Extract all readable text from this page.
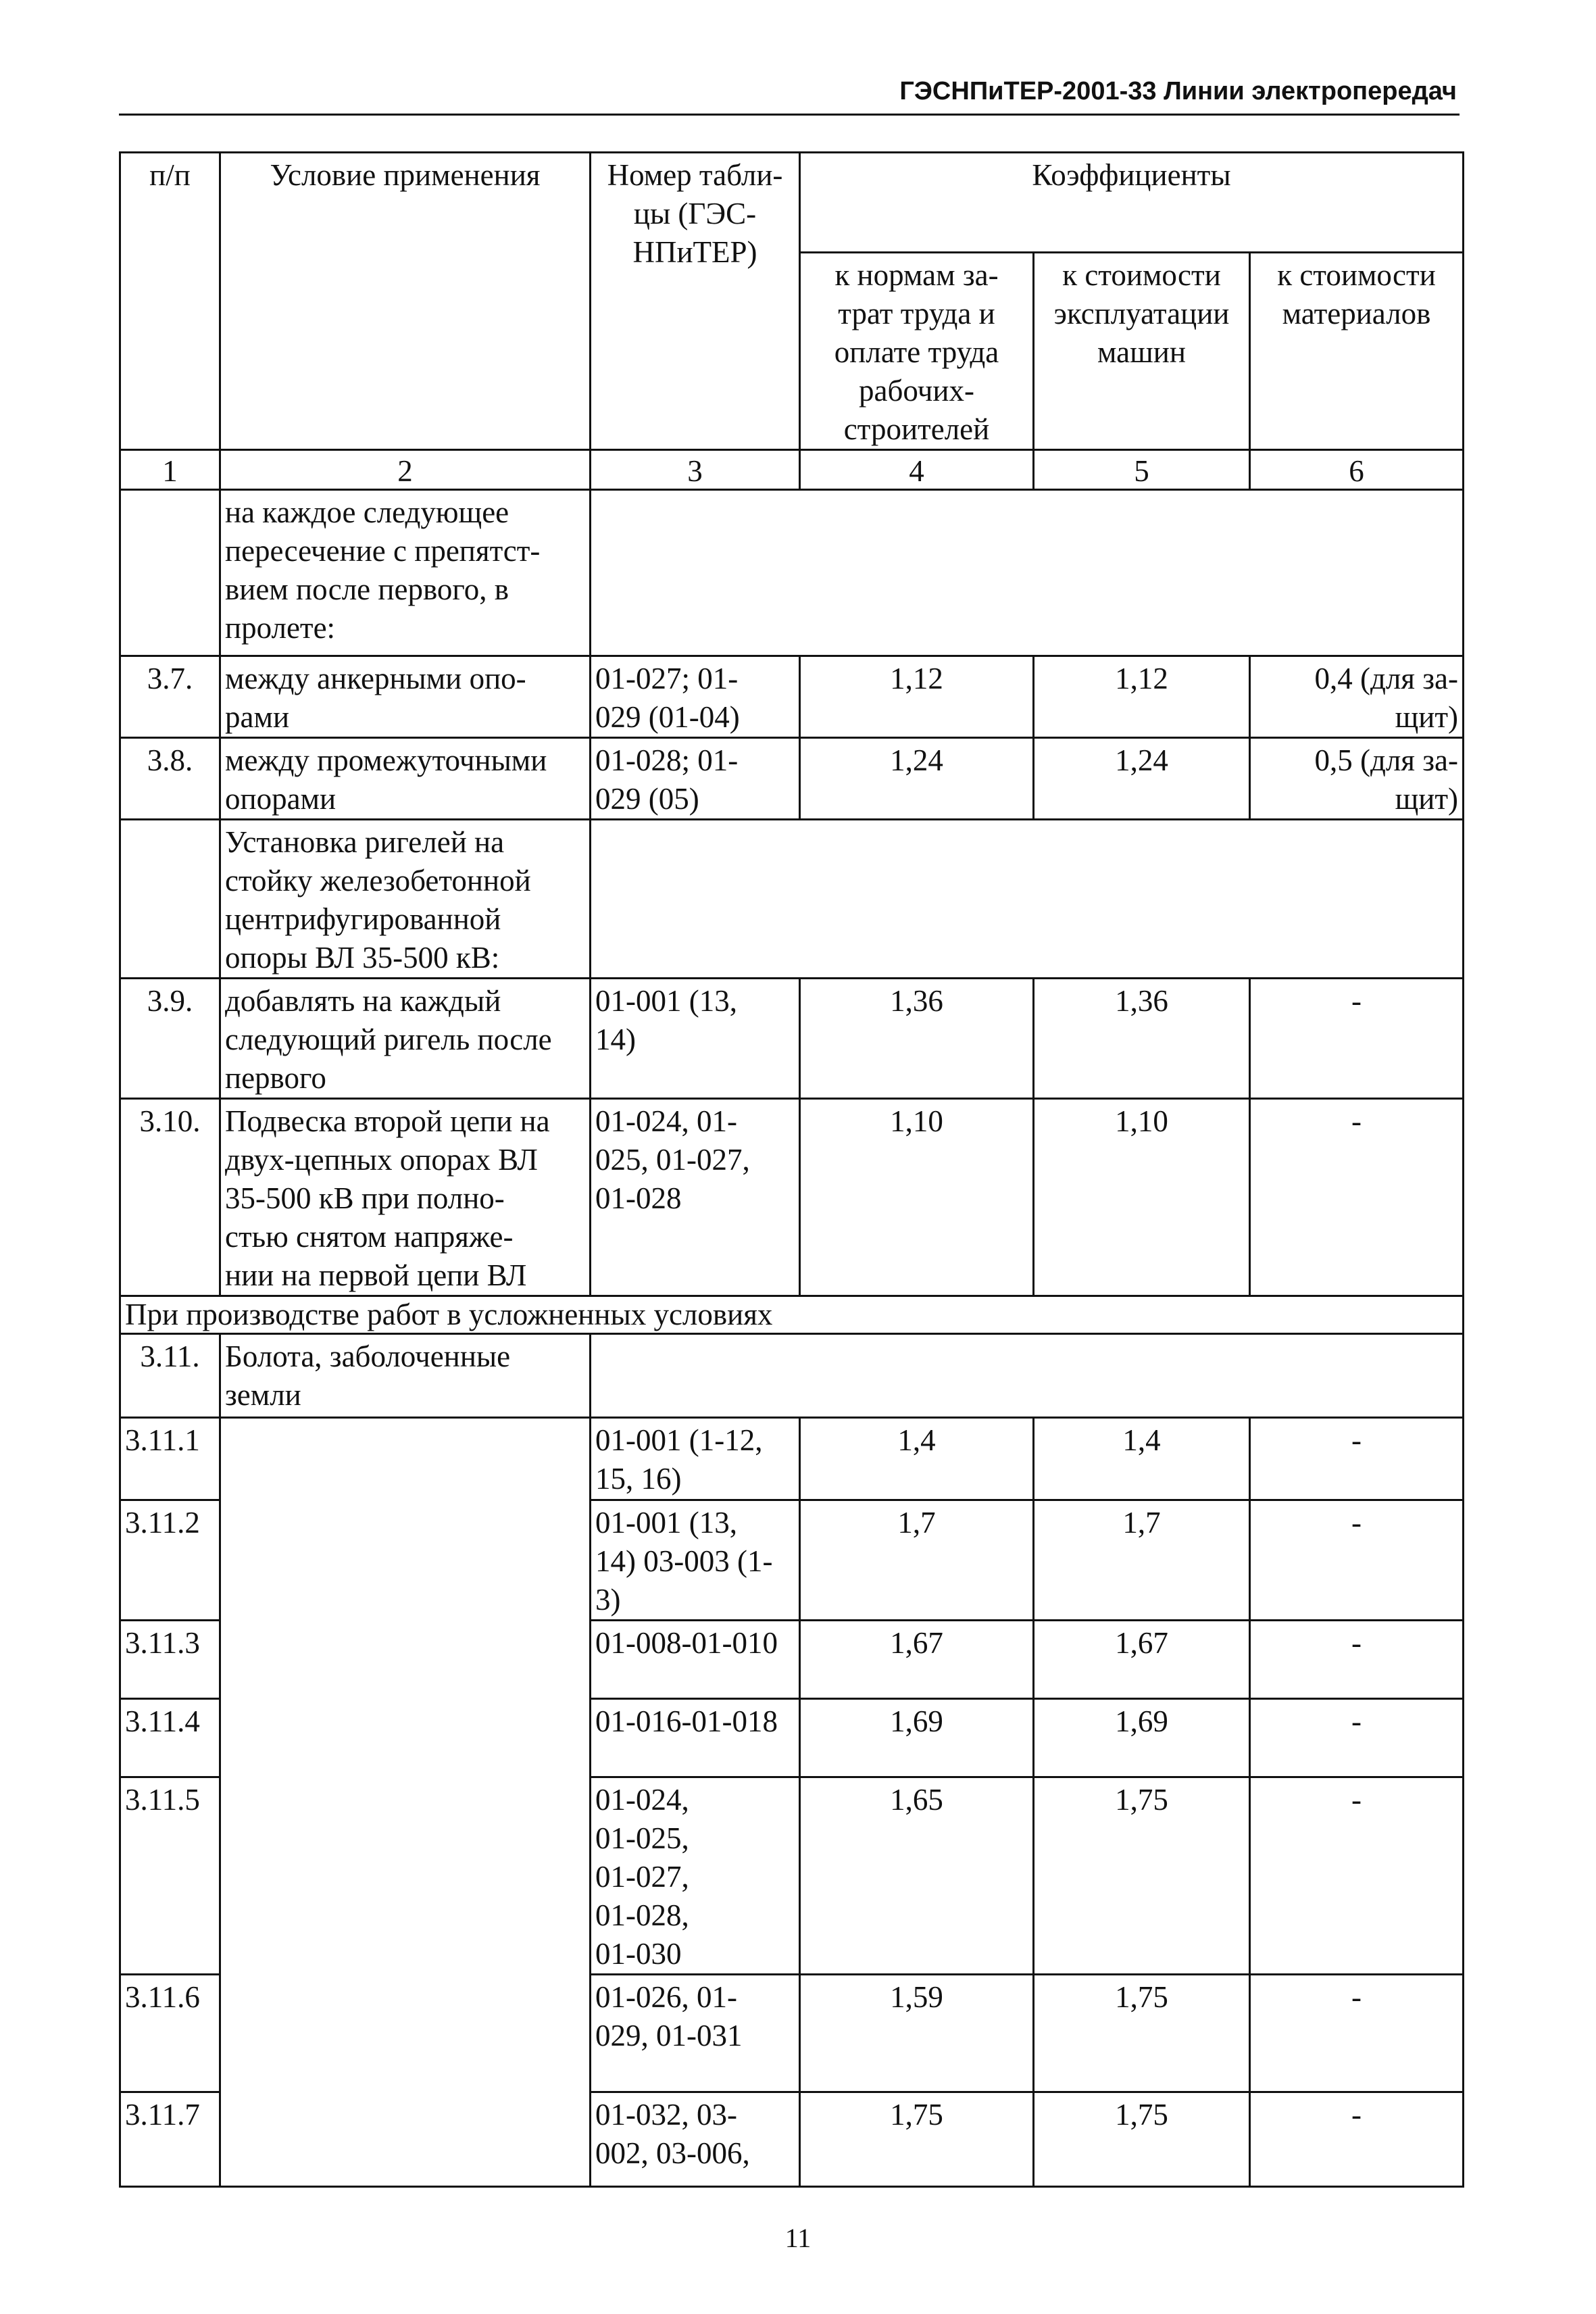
ГЭСНПиТЕР-2001-33 Линии электропередач
п/п	Условие применения	Номер табли-
цы (ГЭС-
НПиТЕР)	Коэффициенты		
			к нормам за-
трат труда и
оплате труда
рабочих-
строителей	к стоимости
эксплуатации
машин	к стоимости
материалов
1	2	3	4	5	6
	на каждое следующее
пересечение с препятст-
вием после первого, в
пролете:				
3.7.	между анкерными опо-
рами	01-027; 01-
029 (01-04)	1,12	1,12	0,4 (для за-
щит)
3.8.	между промежуточными
опорами	01-028; 01-
029 (05)	1,24	1,24	0,5 (для за-
щит)
	Установка ригелей на
стойку железобетонной
центрифугированной
опоры ВЛ 35-500 кВ:				
3.9.	добавлять на каждый
следующий ригель после
первого	01-001 (13,
14)	1,36	1,36	-
3.10.	Подвеска второй цепи на
двух-цепных опорах ВЛ
35-500 кВ при полно-
стью снятом напряже-
нии на первой цепи ВЛ	01-024, 01-
025, 01-027,
01-028	1,10	1,10	-
При производстве работ в усложненных условиях					
3.11.	Болота, заболоченные
земли				
3.11.1		01-001 (1-12,
15, 16)	1,4	1,4	-
3.11.2		01-001 (13,
14) 03-003 (1-
3)	1,7	1,7	-
3.11.3		01-008-01-010	1,67	1,67	-
3.11.4		01-016-01-018	1,69	1,69	-
3.11.5		01-024,
01-025,
01-027,
01-028,
01-030	1,65	1,75	-
3.11.6		01-026, 01-
029, 01-031	1,59	1,75	-
3.11.7		01-032, 03-
002, 03-006,	1,75	1,75	-
11
